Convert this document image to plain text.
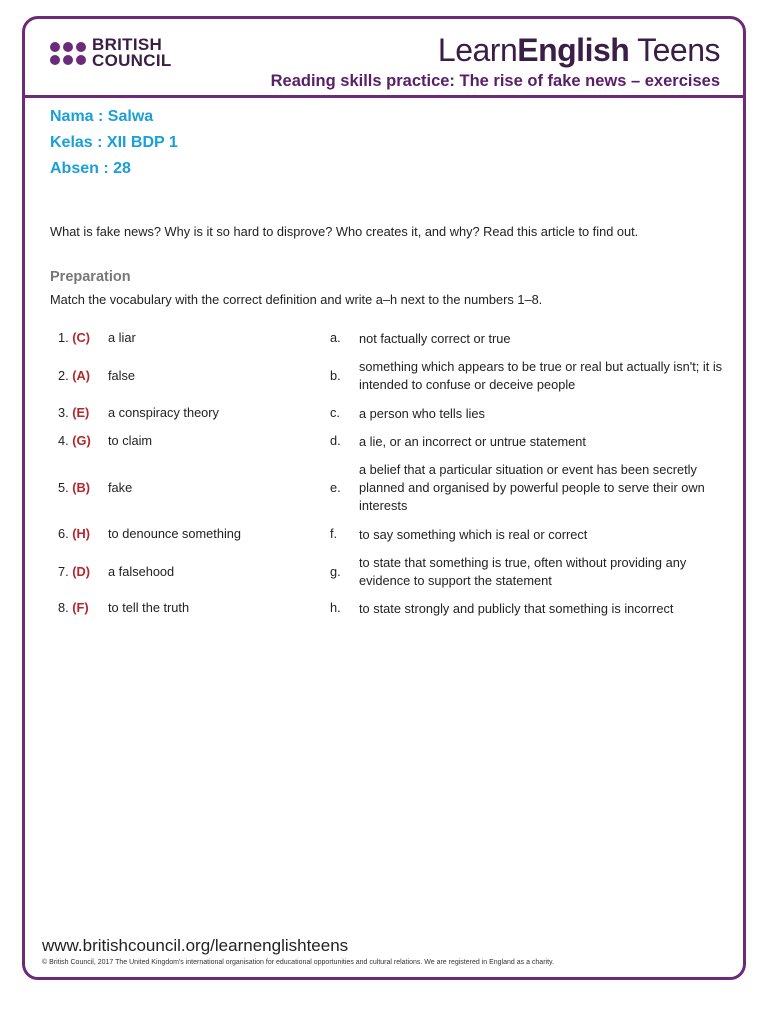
BRITISH
COUNCIL	LearnEnglish Teens
Reading skills practice: The rise of fake news – exercises
Nama : Salwa
Kelas : XII BDP 1
Absen : 28
What is fake news? Why is it so hard to disprove? Who creates it, and why? Read this article to find out.
Preparation
Match the vocabulary with the correct definition and write a–h next to the numbers 1–8.
1. (C)	a liar	a.	not factually correct or true
2. (A)	false	b.
something which appears to be true or real but actually isn't; it is intended to confuse or deceive people
3. (E)	a conspiracy theory	c.	a person who tells lies
4. (G)	to claim	d.	a lie, or an incorrect or untrue statement
5. (B)	fake	e.
a belief that a particular situation or event has been secretly planned and organised by powerful people to serve their own interests
6. (H)	to denounce something	f.	to say something which is real or correct
7. (D)	a falsehood	g.
to state that something is true, often without providing any evidence to support the statement
8. (F)	to tell the truth	h.	to state strongly and publicly that something is incorrect
www.britishcouncil.org/learnenglishteens
© British Council, 2017 The United Kingdom's international organisation for educational opportunities and cultural relations. We are registered in England as a charity.
